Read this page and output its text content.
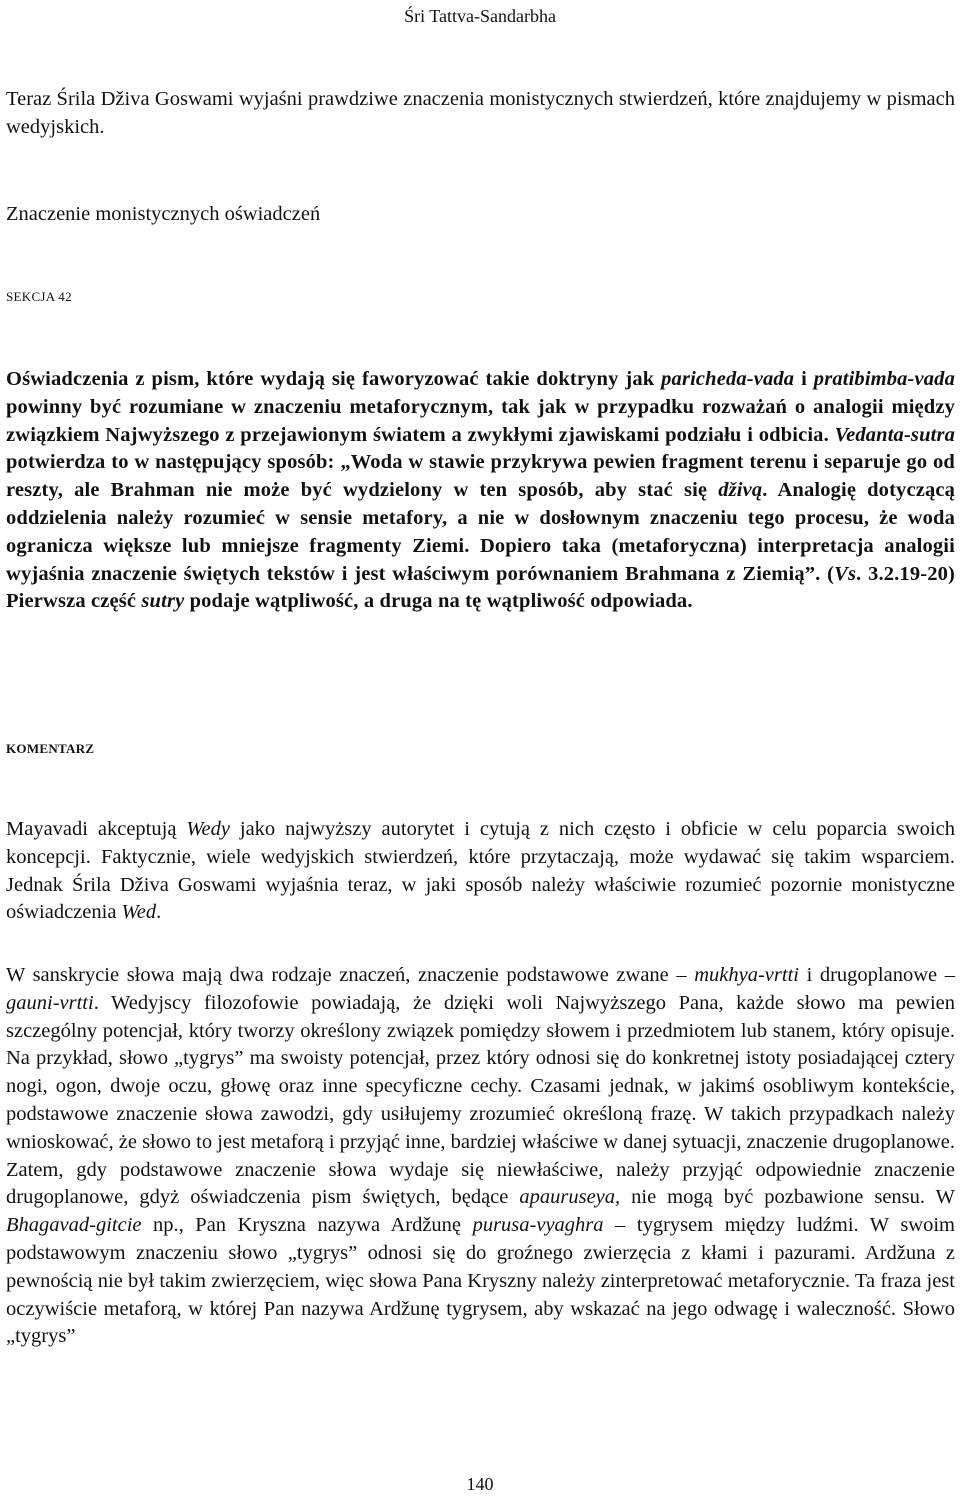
Śri Tattva-Sandarbha

Teraz Śrila Dživa Goswami wyjaśni prawdziwe znaczenia monistycznych stwierdzeń, które znajdujemy w pismach wedyjskich.

Znaczenie monistycznych oświadczeń
SEKCJA 42

Oświadczenia z pism, które wydają się faworyzować takie doktryny jak paricheda-vada i pratibimba-vada powinny być rozumiane w znaczeniu metaforycznym, tak jak w przypadku rozważań o analogii między związkiem Najwyższego z przejawionym światem a zwykłymi zjawiskami podziału i odbicia. Vedanta-sutra potwierdza to w następujący sposób: „Woda w stawie przykrywa pewien fragment terenu i separuje go od reszty, ale Brahman nie może być wydzielony w ten sposób, aby stać się dživą. Analogię dotyczącą oddzielenia należy rozumieć w sensie metafory, a nie w dosłownym znaczeniu tego procesu, że woda ogranicza większe lub mniejsze fragmenty Ziemi. Dopiero taka (metaforyczna) interpretacja analogii wyjaśnia znaczenie świętych tekstów i jest właściwym porównaniem Brahmana z Ziemią”. (Vs. 3.2.19-20) Pierwsza część sutry podaje wątpliwość, a druga na tę wątpliwość odpowiada.

KOMENTARZ

Mayavadi akceptują Wedy jako najwyższy autorytet i cytują z nich często i obficie w celu poparcia swoich koncepcji. Faktycznie, wiele wedyjskich stwierdzeń, które przytaczają, może wydawać się takim wsparciem. Jednak Śrila Dživa Goswami wyjaśnia teraz, w jaki sposób należy właściwie rozumieć pozornie monistyczne oświadczenia Wed.

W sanskrycie słowa mają dwa rodzaje znaczeń, znaczenie podstawowe zwane – mukhya-vrtti i drugoplanowe – gauni-vrtti. Wedyjscy filozofowie powiadają, że dzięki woli Najwyższego Pana, każde słowo ma pewien szczególny potencjał, który tworzy określony związek pomiędzy słowem i przedmiotem lub stanem, który opisuje. Na przykład, słowo „tygrys” ma swoisty potencjał, przez który odnosi się do konkretnej istoty posiadającej cztery nogi, ogon, dwoje oczu, głowę oraz inne specyficzne cechy. Czasami jednak, w jakimś osobliwym kontekście, podstawowe znaczenie słowa zawodzi, gdy usiłujemy zrozumieć określoną frazę. W takich przypadkach należy wnioskować, że słowo to jest metaforą i przyjąć inne, bardziej właściwe w danej sytuacji, znaczenie drugoplanowe. Zatem, gdy podstawowe znaczenie słowa wydaje się niewłaściwe, należy przyjąć odpowiednie znaczenie drugoplanowe, gdyż oświadczenia pism świętych, będące apauruseya, nie mogą być pozbawione sensu. W Bhagavad-gitcie np., Pan Kryszna nazywa Ardžunę purusa-vyaghra – tygrysem między ludźmi. W swoim podstawowym znaczeniu słowo „tygrys” odnosi się do groźnego zwierzęcia z kłami i pazurami. Ardžuna z pewnością nie był takim zwierzęciem, więc słowa Pana Kryszny należy zinterpretować metaforycznie. Ta fraza jest oczywiście metaforą, w której Pan nazywa Ardžunę tygrysem, aby wskazać na jego odwagę i waleczność. Słowo „tygrys”

140
